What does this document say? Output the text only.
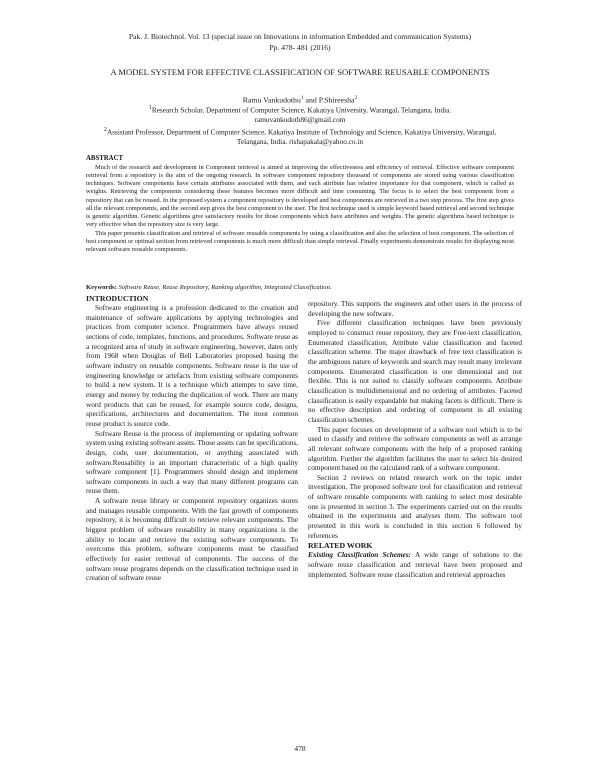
Pak. J. Biotechnol. Vol. 13 (special issue on Innovations in information Embedded and communication Systems)
Pp. 478- 481 (2016)
A MODEL SYSTEM FOR EFFECTIVE CLASSIFICATION OF SOFTWARE REUSABLE COMPONENTS
Ramu Vankudothu$^1$ and P.Shireesha$^2$
$^1$Research Scholar, Department of Computer Science, Kakatiya University, Warangal, Telangana, India.
ramuvankudoth86@gmail.com
$^2$Assistant Professor, Department of Computer Science, Kakatiya Institute of Technology and Science, Kakatiya University, Warangal, Telangana, India. rishapakala@yahoo.co.in
ABSTRACT

Much of the research and development in Component retrieval is aimed at improving the effectiveness and efficiency of retrieval. Effective software component retrieval from a repository is the aim of the ongoing research. In software component repository thousand of components are stored using various classification techniques. Software components have certain attributes associated with them, and each attribute has relative importance for that component, which is called as weights. Retrieving the components considering these features becomes more difficult and time consuming. The focus is to select the best component from a repository that can be reused. In the proposed system a component repository is developed and best components are retrieved in a two step process. The first step gives all the relevant components, and the second step gives the best component to the user. The first technique used is simple keyword based retrieval and second technique is genetic algorithm. Genetic algorithms give satisfactory results for those components which have attributes and weights. The genetic algorithms based technique is very effective when the repository size is very large.

This paper presents classification and retrieval of software reusable components by using a classification and also the selection of best component. The selection of best component or optimal section from retrieved components is much more difficult than simple retrieval. Finally experiments demonstrate results for displaying most relevant software reusable components.

Keywords: Software Reuse, Reuse Repository, Ranking algorithm, Integrated Classification.
INTRODUCTION

Software engineering is a profession dedicated to the creation and maintenance of software applications by applying technologies and practices from computer science. Programmers have always reused sections of code, templates, functions, and procedures. Software reuse as a recognized area of study in software engineering, however, dates only from 1968 when Douglas of Bell Laboratories proposed basing the software industry on reusable components. Software reuse is the use of engineering knowledge or artefacts from existing software components to build a new system. It is a technique which attempts to save time, energy and money by reducing the duplication of work. There are many word products that can be reused, for example source code, designs, specifications, architectures and documentation. The most common reuse product is source code.

Software Reuse is the process of implementing or updating software system using existing software assets. Those assets can be specifications, design, code, user documentation, or anything associated with software.Reusability is an important characteristic of a high quality software component [1]. Programmers should design and implement software components in such a way that many different programs can reuse them.

A software reuse library or component repository organizes stores and manages reusable components. With the fast growth of components repository, it is becoming difficult to retrieve relevant components. The biggest problem of software reusability in many organizations is the ability to locate and retrieve the existing software components. To overcome this problem, software components must be classified effectively for easier retrieval of components. The success of the software reuse programs depends on the classification technique used in creation of software reuse

repository. This supports the engineers and other users in the process of developing the new software.

Five different classification techniques have been previously employed to construct reuse repository, they are Free-text classification, Enumerated classification, Attribute value classification and faceted classification scheme. The major drawback of free text classification is the ambiguous nature of keywords and search may result many irrelevant components. Enumerated classification is one dimensional and not flexible. This is not suited to classify software components. Attribute classification is multidimensional and no ordering of attributes. Faceted classification is easily expandable but making facets is difficult. There is no effective description and ordering of component in all existing classification schemes.

This paper focuses on development of a software tool which is to be used to classify and retrieve the software components as well as arrange all relevant software components with the help of a proposed ranking algorithm. Further the algorithm facilitates the user to select his desired component based on the calculated rank of a software component.

Section 2 reviews on related research work on the topic under investigation. The proposed software tool for classification and retrieval of software reusable components with ranking to select most desirable one is presented in section 3. The experiments carried out on the results obtained in the experiments and analyses them. The software tool presented in this work is concluded in this section 6 followed by references

RELATED WORK

Existing Classification Schemes: A wide range of solutions to the software reuse classification and retrieval have been proposed and implemented. Software reuse classification and retrieval approaches

478
